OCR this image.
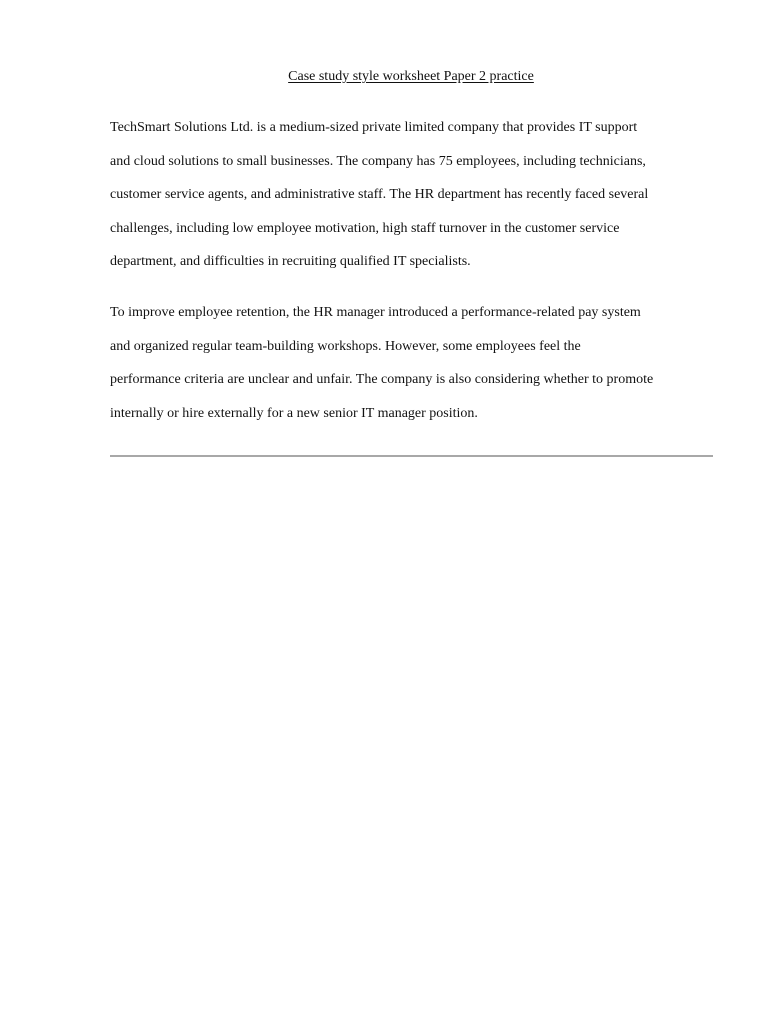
Case study style worksheet Paper 2 practice

TechSmart Solutions Ltd. is a medium-sized private limited company that provides IT support
and cloud solutions to small businesses. The company has 75 employees, including technicians,
customer service agents, and administrative staff. The HR department has recently faced several
challenges, including low employee motivation, high staff turnover in the customer service
department, and difficulties in recruiting qualified IT specialists.

To improve employee retention, the HR manager introduced a performance-related pay system
and organized regular team-building workshops. However, some employees feel the
performance criteria are unclear and unfair. The company is also considering whether to promote
internally or hire externally for a new senior IT manager position.
